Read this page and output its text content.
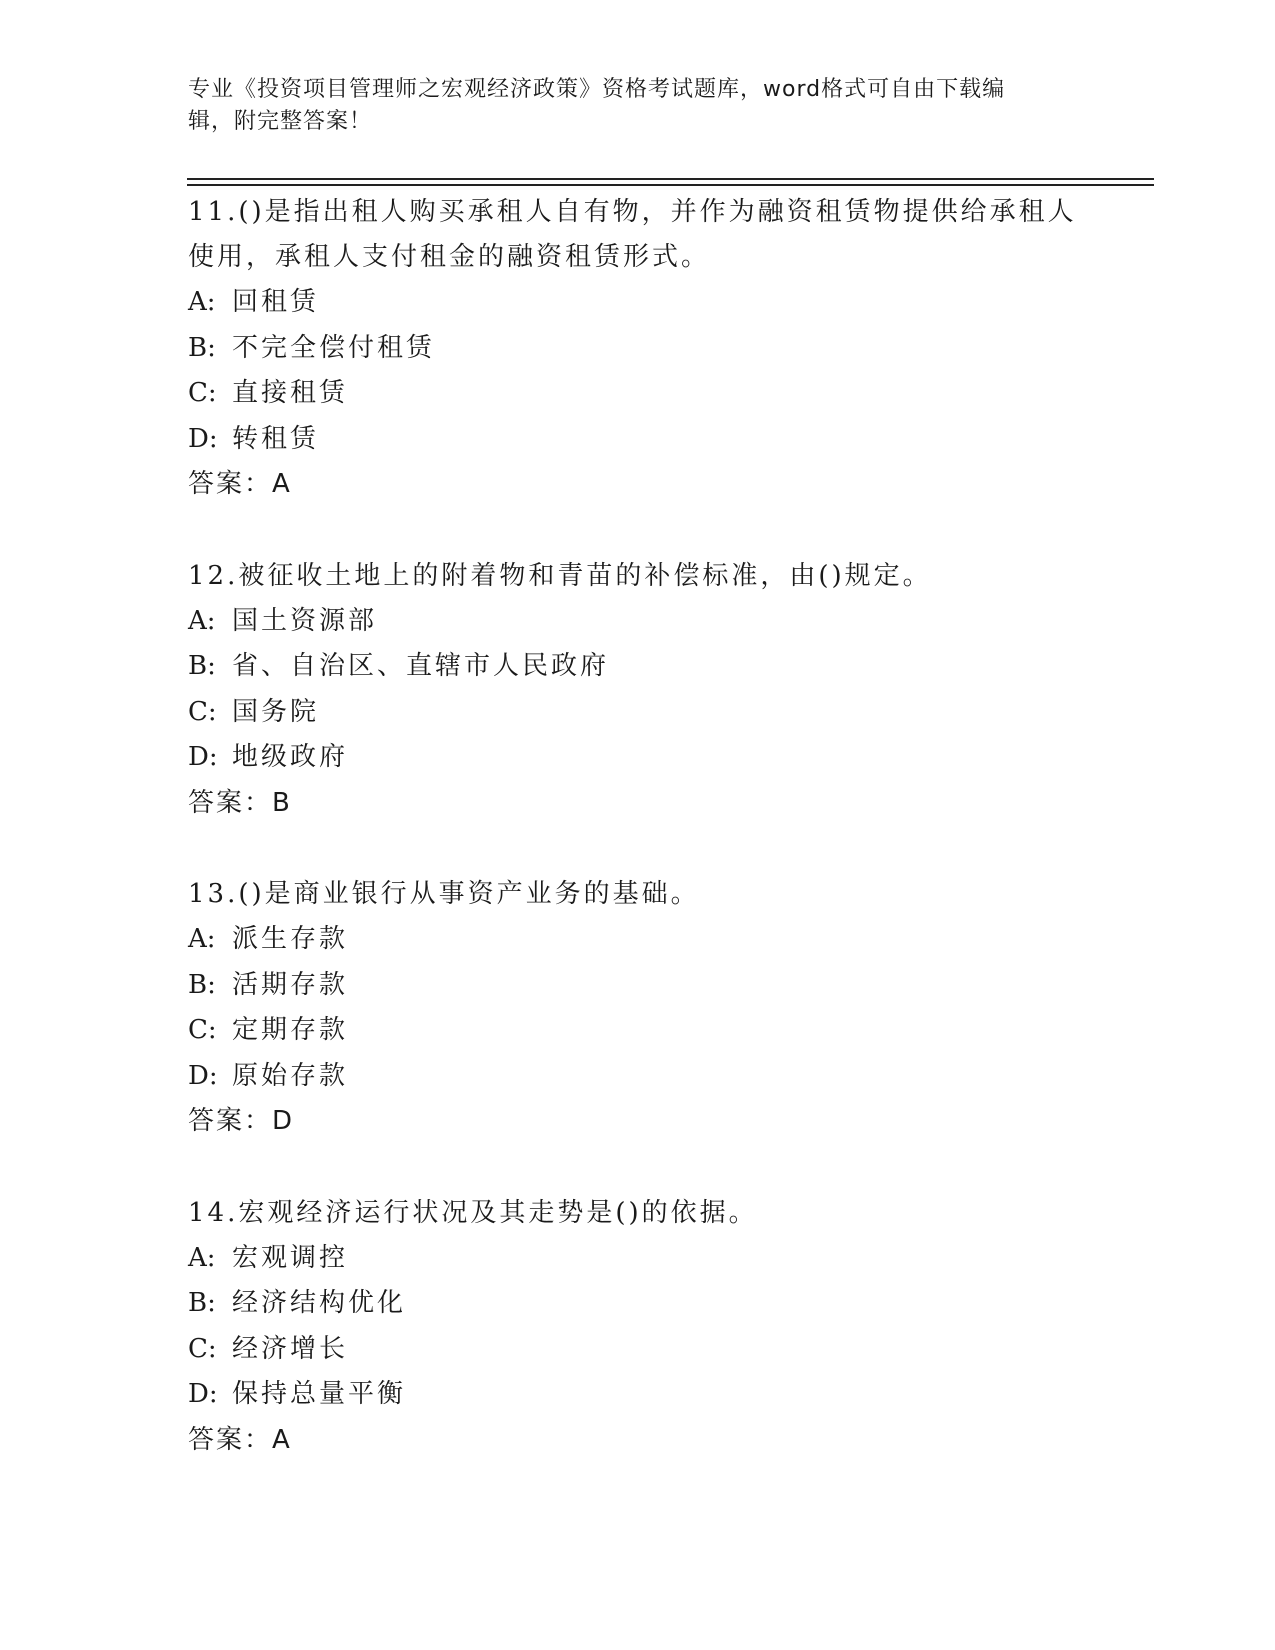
专业《投资项目管理师之宏观经济政策》资格考试题库，word格式可自由下载编
辑，附完整答案！
11.()是指出租人购买承租人自有物，并作为融资租赁物提供给承租人
使用，承租人支付租金的融资租赁形式。
A: 回租赁
B: 不完全偿付租赁
C: 直接租赁
D: 转租赁
答案：A
12.被征收土地上的附着物和青苗的补偿标准，由()规定。
A: 国土资源部
B: 省、自治区、直辖市人民政府
C: 国务院
D: 地级政府
答案：B
13.()是商业银行从事资产业务的基础。
A: 派生存款
B: 活期存款
C: 定期存款
D: 原始存款
答案：D
14.宏观经济运行状况及其走势是()的依据。
A: 宏观调控
B: 经济结构优化
C: 经济增长
D: 保持总量平衡
答案：A
